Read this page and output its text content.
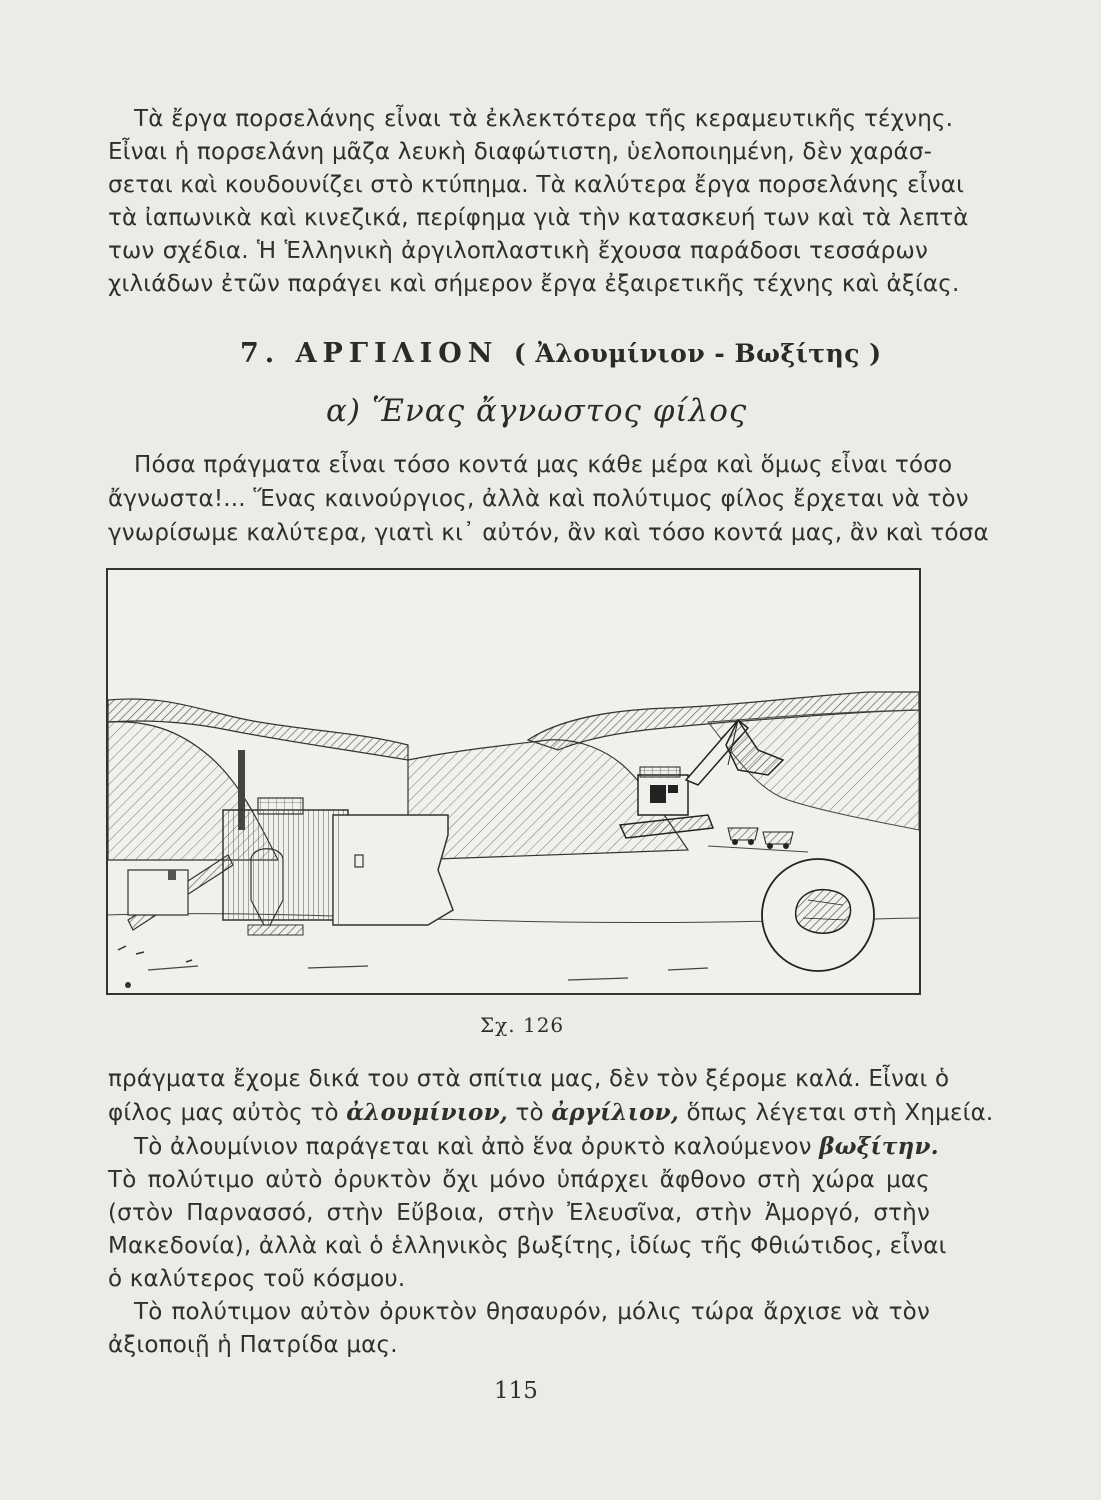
Τὰ ἔργα πορσελάνης εἶναι τὰ ἐκλεκτότερα τῆς κεραμευτικῆς τέχνης.
Εἶναι ἡ πορσελάνη μᾶζα λευκὴ διαφώτιστη, ὑελοποιημένη, δὲν χαράσ-
σεται καὶ κουδουνίζει στὸ κτύπημα. Τὰ καλύτερα ἔργα πορσελάνης εἶναι
τὰ ἰαπωνικὰ καὶ κινεζικά, περίφημα γιὰ τὴν κατασκευή των καὶ τὰ λεπτὰ
των σχέδια. Ἡ Ἑλληνικὴ ἀργιλοπλαστικὴ ἔχουσα παράδοσι τεσσάρων
χιλιάδων ἐτῶν παράγει καὶ σήμερον ἔργα ἐξαιρετικῆς τέχνης καὶ ἀξίας.
7. ΑΡΓΙΛΙΟΝ ( Ἀλουμίνιον - Βωξίτης )
α) Ἕνας ἄγνωστος φίλος
Πόσα πράγματα εἶναι τόσο κοντά μας κάθε μέρα καὶ ὅμως εἶναι τόσο
ἄγνωστα!... Ἕνας καινούργιος, ἀλλὰ καὶ πολύτιμος φίλος ἔρχεται νὰ τὸν
γνωρίσωμε καλύτερα, γιατὶ κι᾽ αὐτόν, ἂν καὶ τόσο κοντά μας, ἂν καὶ τόσα
Σχ. 126
πράγματα ἔχομε δικά του στὰ σπίτια μας, δὲν τὸν ξέρομε καλά. Εἶναι ὁ
φίλος μας αὐτὸς τὸ ἀλουμίνιον, τὸ ἀργίλιον, ὅπως λέγεται στὴ Χημεία.
Τὸ ἀλουμίνιον παράγεται καὶ ἀπὸ ἕνα ὀρυκτὸ καλούμενον βωξίτην.
Τὸ πολύτιμο αὐτὸ ὀρυκτὸν ὄχι μόνο ὑπάρχει ἄφθονο στὴ χώρα μας
(στὸν Παρνασσό, στὴν Εὔβοια, στὴν Ἐλευσῖνα, στὴν Ἀμοργό, στὴν
Μακεδονία), ἀλλὰ καὶ ὁ ἑλληνικὸς βωξίτης, ἰδίως τῆς Φθιώτιδος, εἶναι
ὁ καλύτερος τοῦ κόσμου.
Τὸ πολύτιμον αὐτὸν ὀρυκτὸν θησαυρόν, μόλις τώρα ἄρχισε νὰ τὸν
ἀξιοποιῇ ἡ Πατρίδα μας.
115
